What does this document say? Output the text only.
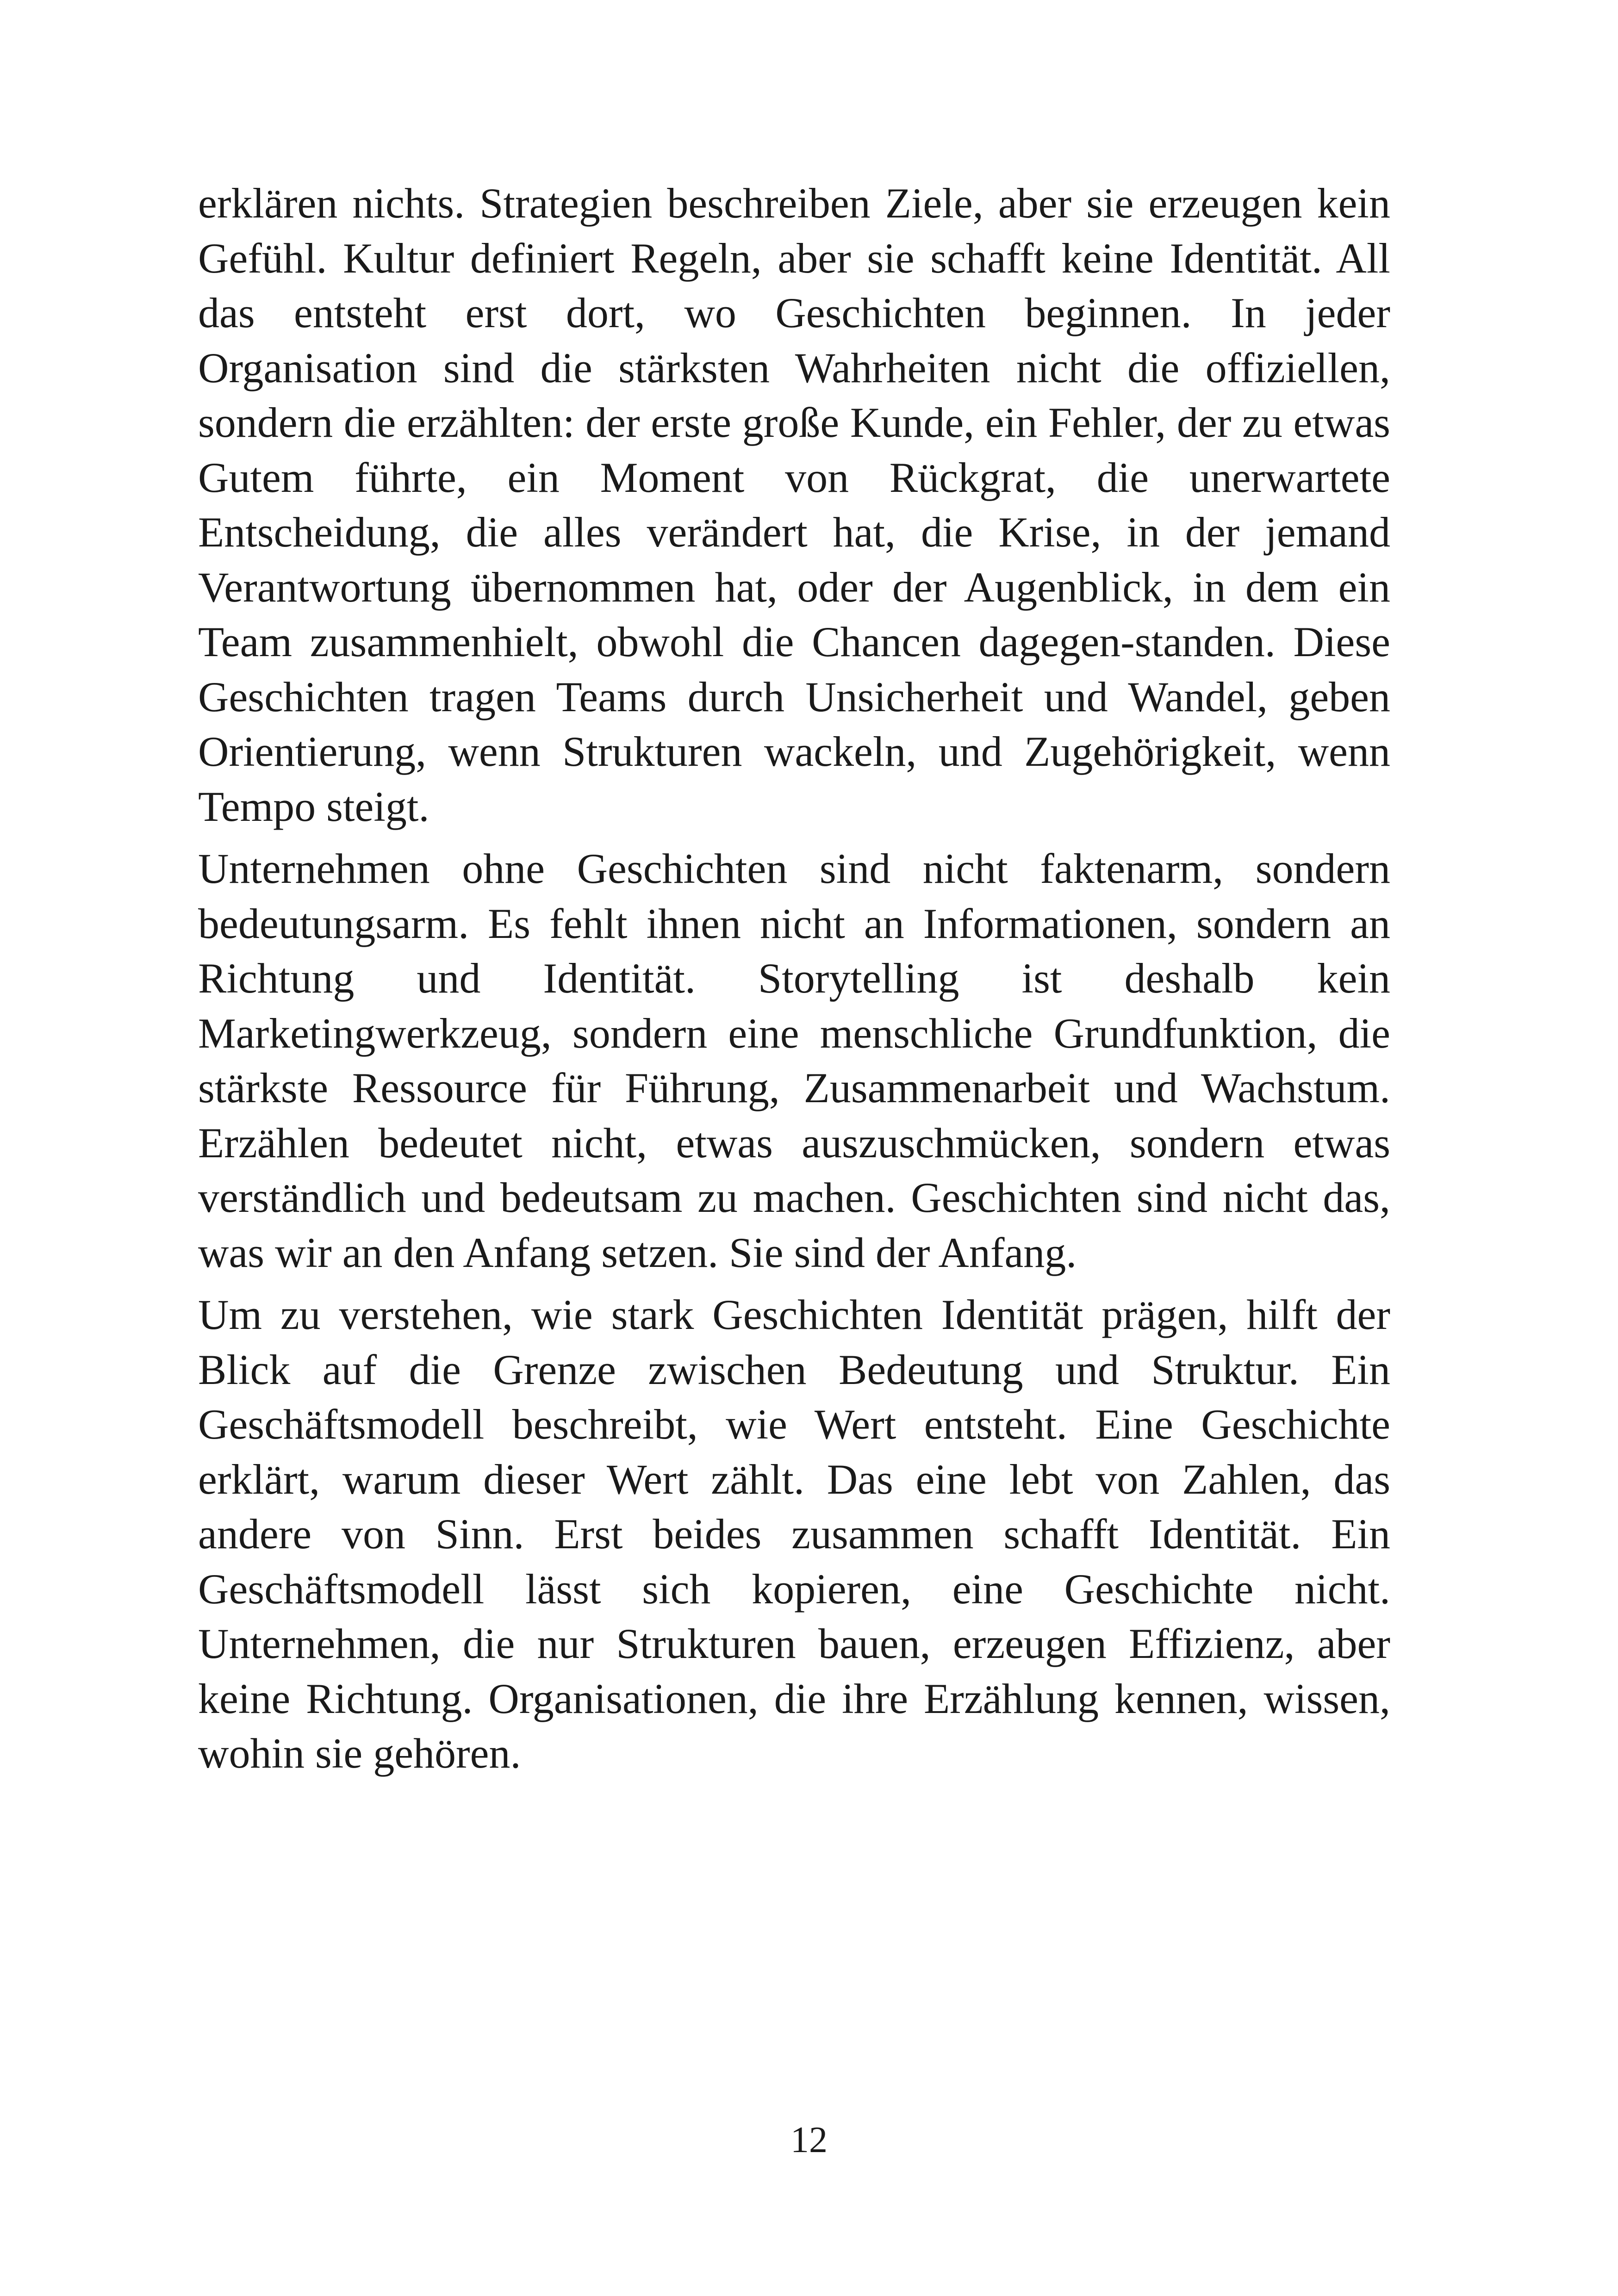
erklären nichts. Strategien beschreiben Ziele, aber sie erzeugen kein Gefühl. Kultur definiert Regeln, aber sie schafft keine Identität. All das entsteht erst dort, wo Geschichten beginnen. In jeder Organisation sind die stärksten Wahrheiten nicht die offiziellen, sondern die erzählten: der erste große Kunde, ein Fehler, der zu etwas Gutem führte, ein Moment von Rückgrat, die unerwartete Entscheidung, die alles verändert hat, die Krise, in der jemand Verantwortung übernommen hat, oder der Augenblick, in dem ein Team zusammenhielt, obwohl die Chancen dagegen-standen. Diese Geschichten tragen Teams durch Unsicherheit und Wandel, geben Orientierung, wenn Strukturen wackeln, und Zugehörigkeit, wenn Tempo steigt.

Unternehmen ohne Geschichten sind nicht faktenarm, sondern bedeutungsarm. Es fehlt ihnen nicht an Informationen, sondern an Richtung und Identität. Storytelling ist deshalb kein Marketingwerkzeug, sondern eine menschliche Grundfunktion, die stärkste Ressource für Führung, Zusammenarbeit und Wachstum. Erzählen bedeutet nicht, etwas auszuschmücken, sondern etwas verständlich und bedeutsam zu machen. Geschichten sind nicht das, was wir an den Anfang setzen. Sie sind der Anfang.

Um zu verstehen, wie stark Geschichten Identität prägen, hilft der Blick auf die Grenze zwischen Bedeutung und Struktur. Ein Geschäftsmodell beschreibt, wie Wert entsteht. Eine Geschichte erklärt, warum dieser Wert zählt. Das eine lebt von Zahlen, das andere von Sinn. Erst beides zusammen schafft Identität. Ein Geschäftsmodell lässt sich kopieren, eine Geschichte nicht. Unternehmen, die nur Strukturen bauen, erzeugen Effizienz, aber keine Richtung. Organisationen, die ihre Erzählung kennen, wissen, wohin sie gehören.

12
